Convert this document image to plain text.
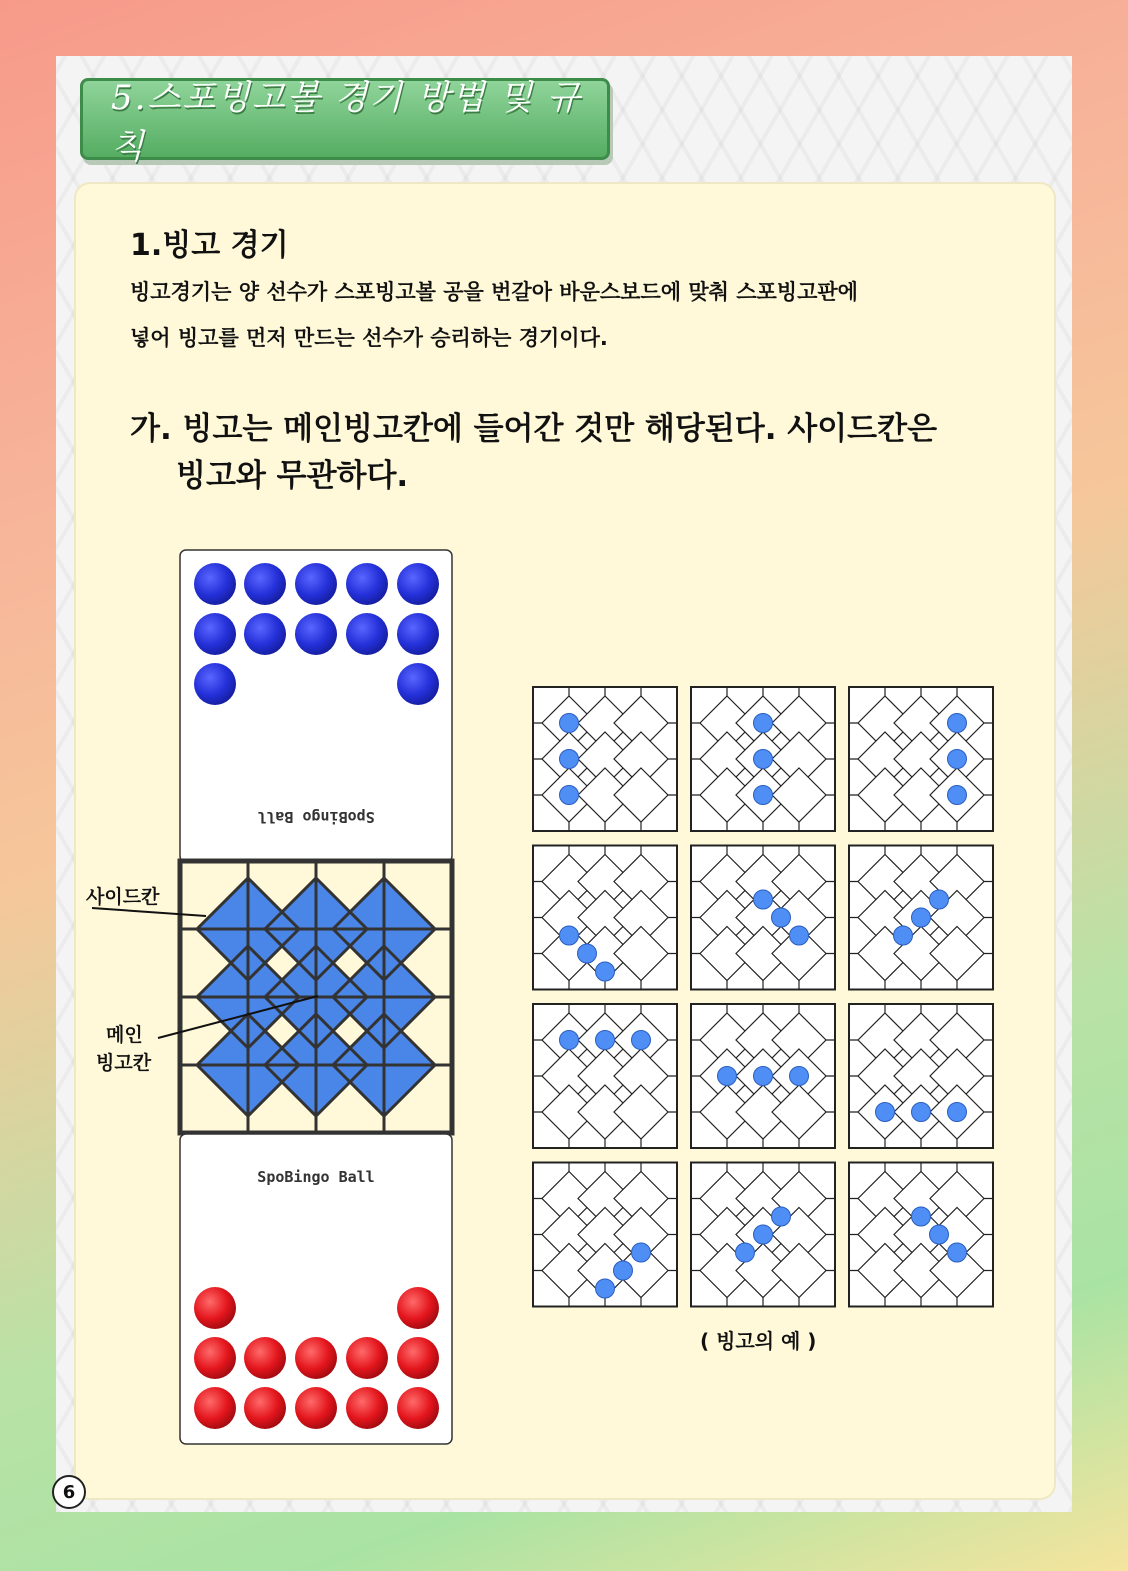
5.스포빙고볼 경기 방법 및 규칙
1.빙고 경기
빙고경기는 양 선수가 스포빙고볼 공을 번갈아 바운스보드에 맞춰 스포빙고판에
넣어 빙고를 먼저 만드는 선수가 승리하는 경기이다.
가. 빙고는 메인빙고칸에 들어간 것만 해당된다. 사이드칸은
빙고와 무관하다.
SpoBingo Ball
SpoBingo Ball
사이드칸
메인
빙고칸
( 빙고의 예 )
6
